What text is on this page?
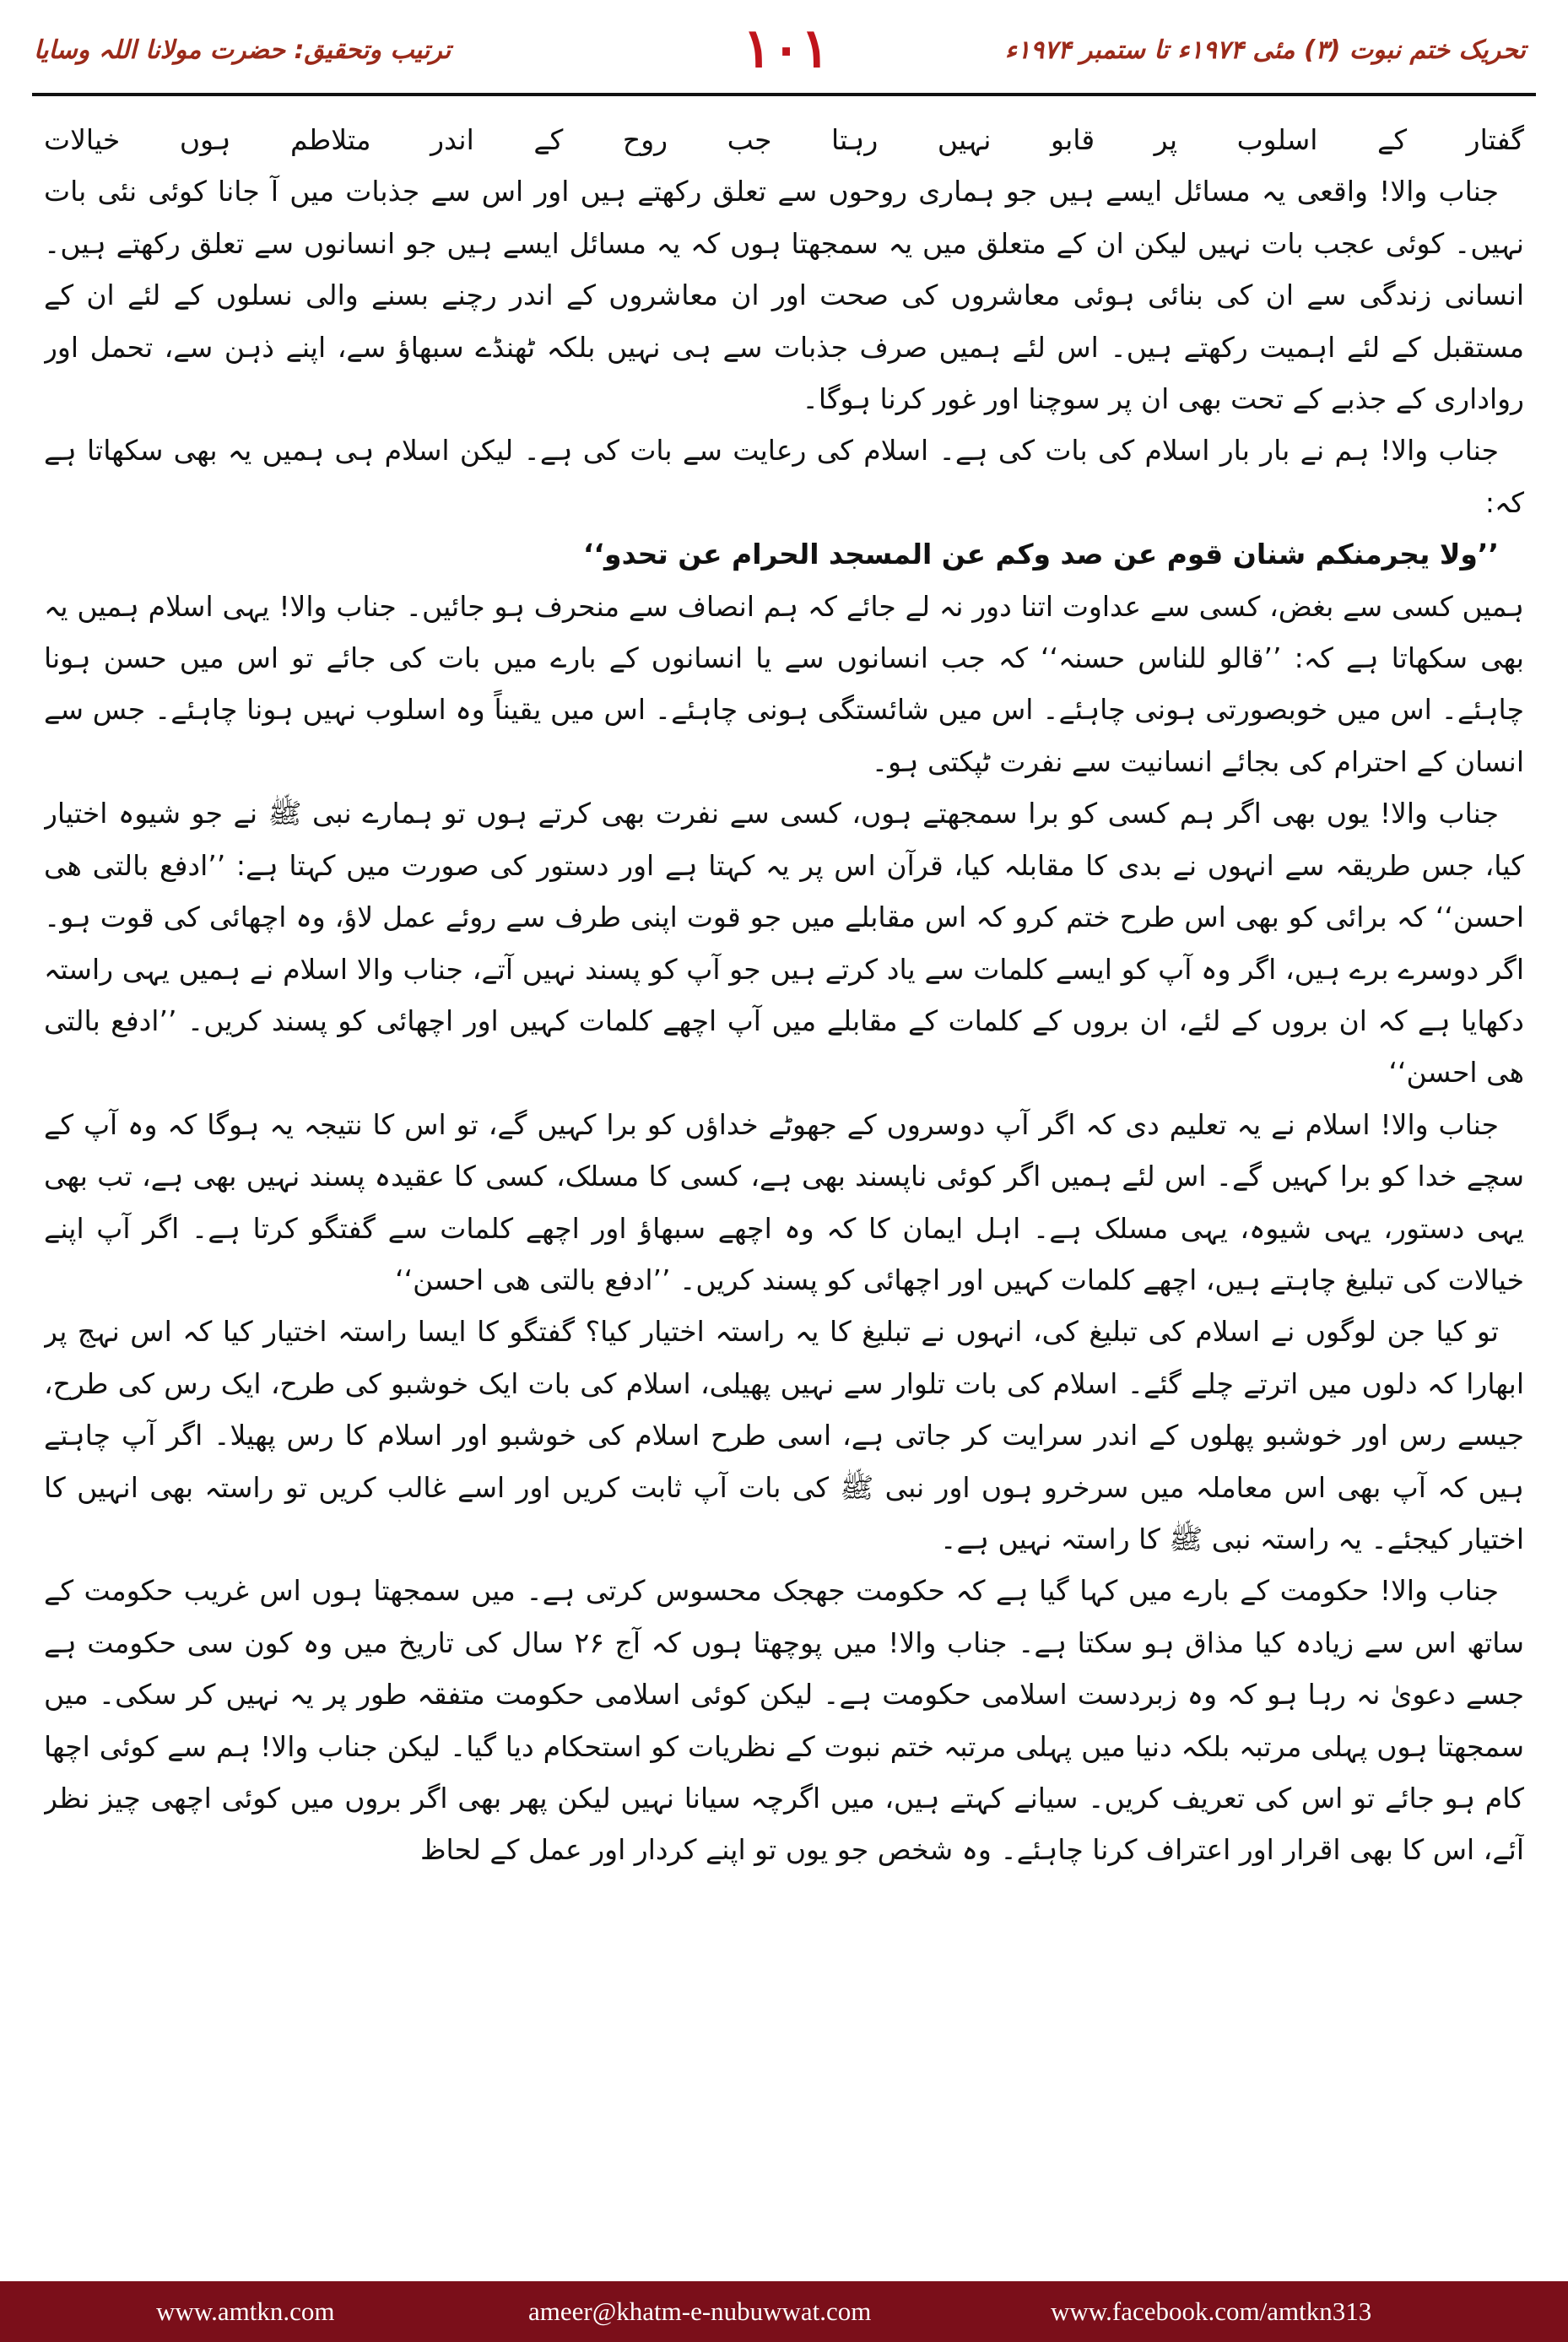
تحریک ختم نبوت (۳) مئی ۱۹۷۴ء تا ستمبر ۱۹۷۴ء
۱۰۱
ترتیب وتحقیق: حضرت مولانا اللہ وسایا

گفتار کے اسلوب پر قابو نہیں رہتا جب روح کے اندر متلاطم ہوں خیالات

جناب والا! واقعی یہ مسائل ایسے ہیں جو ہماری روحوں سے تعلق رکھتے ہیں اور اس سے جذبات میں آ جانا کوئی نئی بات نہیں۔ کوئی عجب بات نہیں لیکن ان کے متعلق میں یہ سمجھتا ہوں کہ یہ مسائل ایسے ہیں جو انسانوں سے تعلق رکھتے ہیں۔ انسانی زندگی سے ان کی بنائی ہوئی معاشروں کی صحت اور ان معاشروں کے اندر رچنے بسنے والی نسلوں کے لئے ان کے مستقبل کے لئے اہمیت رکھتے ہیں۔ اس لئے ہمیں صرف جذبات سے ہی نہیں بلکہ ٹھنڈے سبھاؤ سے، اپنے ذہن سے، تحمل اور رواداری کے جذبے کے تحت بھی ان پر سوچنا اور غور کرنا ہوگا۔

جناب والا! ہم نے بار بار اسلام کی بات کی ہے۔ اسلام کی رعایت سے بات کی ہے۔ لیکن اسلام ہی ہمیں یہ بھی سکھاتا ہے کہ:

’’ولا یجرمنکم شنان قوم عن صد وکم عن المسجد الحرام عن تحدو‘‘

ہمیں کسی سے بغض، کسی سے عداوت اتنا دور نہ لے جائے کہ ہم انصاف سے منحرف ہو جائیں۔ جناب والا! یہی اسلام ہمیں یہ بھی سکھاتا ہے کہ: ’’قالو للناس حسنہ‘‘ کہ جب انسانوں سے یا انسانوں کے بارے میں بات کی جائے تو اس میں حسن ہونا چاہئے۔ اس میں خوبصورتی ہونی چاہئے۔ اس میں شائستگی ہونی چاہئے۔ اس میں یقیناً وہ اسلوب نہیں ہونا چاہئے۔ جس سے انسان کے احترام کی بجائے انسانیت سے نفرت ٹپکتی ہو۔

جناب والا! یوں بھی اگر ہم کسی کو برا سمجھتے ہوں، کسی سے نفرت بھی کرتے ہوں تو ہمارے نبی ﷺ نے جو شیوہ اختیار کیا، جس طریقہ سے انہوں نے بدی کا مقابلہ کیا، قرآن اس پر یہ کہتا ہے اور دستور کی صورت میں کہتا ہے: ’’ادفع بالتی ھی احسن‘‘ کہ برائی کو بھی اس طرح ختم کرو کہ اس مقابلے میں جو قوت اپنی طرف سے روئے عمل لاؤ، وہ اچھائی کی قوت ہو۔ اگر دوسرے برے ہیں، اگر وہ آپ کو ایسے کلمات سے یاد کرتے ہیں جو آپ کو پسند نہیں آتے، جناب والا اسلام نے ہمیں یہی راستہ دکھایا ہے کہ ان بروں کے لئے، ان بروں کے کلمات کے مقابلے میں آپ اچھے کلمات کہیں اور اچھائی کو پسند کریں۔ ’’ادفع بالتی ھی احسن‘‘

جناب والا! اسلام نے یہ تعلیم دی کہ اگر آپ دوسروں کے جھوٹے خداؤں کو برا کہیں گے، تو اس کا نتیجہ یہ ہوگا کہ وہ آپ کے سچے خدا کو برا کہیں گے۔ اس لئے ہمیں اگر کوئی ناپسند بھی ہے، کسی کا مسلک، کسی کا عقیدہ پسند نہیں بھی ہے، تب بھی یہی دستور، یہی شیوہ، یہی مسلک ہے۔ اہل ایمان کا کہ وہ اچھے سبھاؤ اور اچھے کلمات سے گفتگو کرتا ہے۔ اگر آپ اپنے خیالات کی تبلیغ چاہتے ہیں، اچھے کلمات کہیں اور اچھائی کو پسند کریں۔ ’’ادفع بالتی ھی احسن‘‘

تو کیا جن لوگوں نے اسلام کی تبلیغ کی، انہوں نے تبلیغ کا یہ راستہ اختیار کیا؟ گفتگو کا ایسا راستہ اختیار کیا کہ اس نہج پر ابھارا کہ دلوں میں اترتے چلے گئے۔ اسلام کی بات تلوار سے نہیں پھیلی، اسلام کی بات ایک خوشبو کی طرح، ایک رس کی طرح، جیسے رس اور خوشبو پھلوں کے اندر سرایت کر جاتی ہے، اسی طرح اسلام کی خوشبو اور اسلام کا رس پھیلا۔ اگر آپ چاہتے ہیں کہ آپ بھی اس معاملہ میں سرخرو ہوں اور نبی ﷺ کی بات آپ ثابت کریں اور اسے غالب کریں تو راستہ بھی انہیں کا اختیار کیجئے۔ یہ راستہ نبی ﷺ کا راستہ نہیں ہے۔

جناب والا! حکومت کے بارے میں کہا گیا ہے کہ حکومت جھجک محسوس کرتی ہے۔ میں سمجھتا ہوں اس غریب حکومت کے ساتھ اس سے زیادہ کیا مذاق ہو سکتا ہے۔ جناب والا! میں پوچھتا ہوں کہ آج ۲۶ سال کی تاریخ میں وہ کون سی حکومت ہے جسے دعویٰ نہ رہا ہو کہ وہ زبردست اسلامی حکومت ہے۔ لیکن کوئی اسلامی حکومت متفقہ طور پر یہ نہیں کر سکی۔ میں سمجھتا ہوں پہلی مرتبہ بلکہ دنیا میں پہلی مرتبہ ختم نبوت کے نظریات کو استحکام دیا گیا۔ لیکن جناب والا! ہم سے کوئی اچھا کام ہو جائے تو اس کی تعریف کریں۔ سیانے کہتے ہیں، میں اگرچہ سیانا نہیں لیکن پھر بھی اگر بروں میں کوئی اچھی چیز نظر آئے، اس کا بھی اقرار اور اعتراف کرنا چاہئے۔ وہ شخص جو یوں تو اپنے کردار اور عمل کے لحاظ

www.amtkn.com	ameer@khatm-e-nubuwwat.com	www.facebook.com/amtkn313
